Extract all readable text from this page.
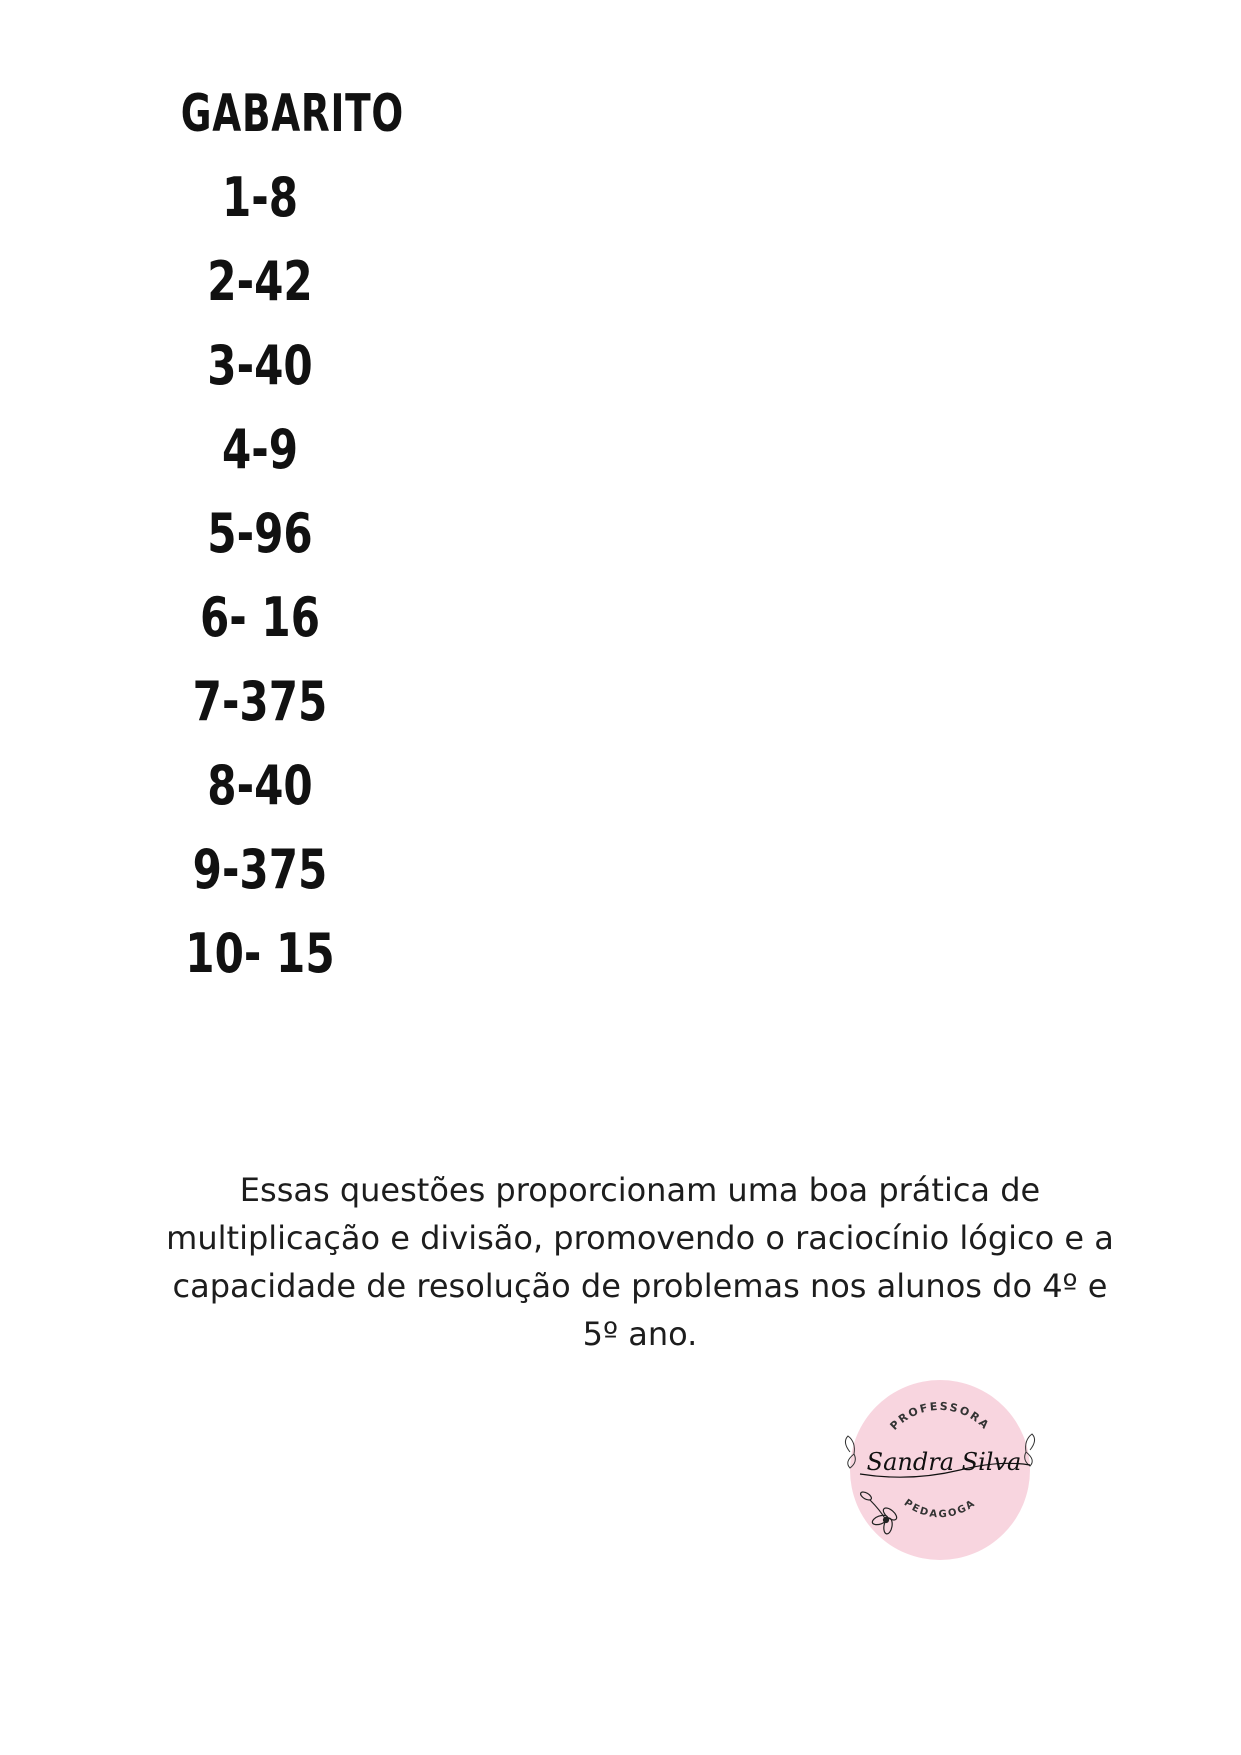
GABARITO
1-8
2-42
3-40
4-9
5-96
6- 16
7-375
8-40
9-375
10- 15

Essas questões proporcionam uma boa prática de multiplicação e divisão, promovendo o raciocínio lógico e a capacidade de resolução de problemas nos alunos do 4º e 5º ano.

PROFESSORA
PEDAGOGA
Sandra Silva
